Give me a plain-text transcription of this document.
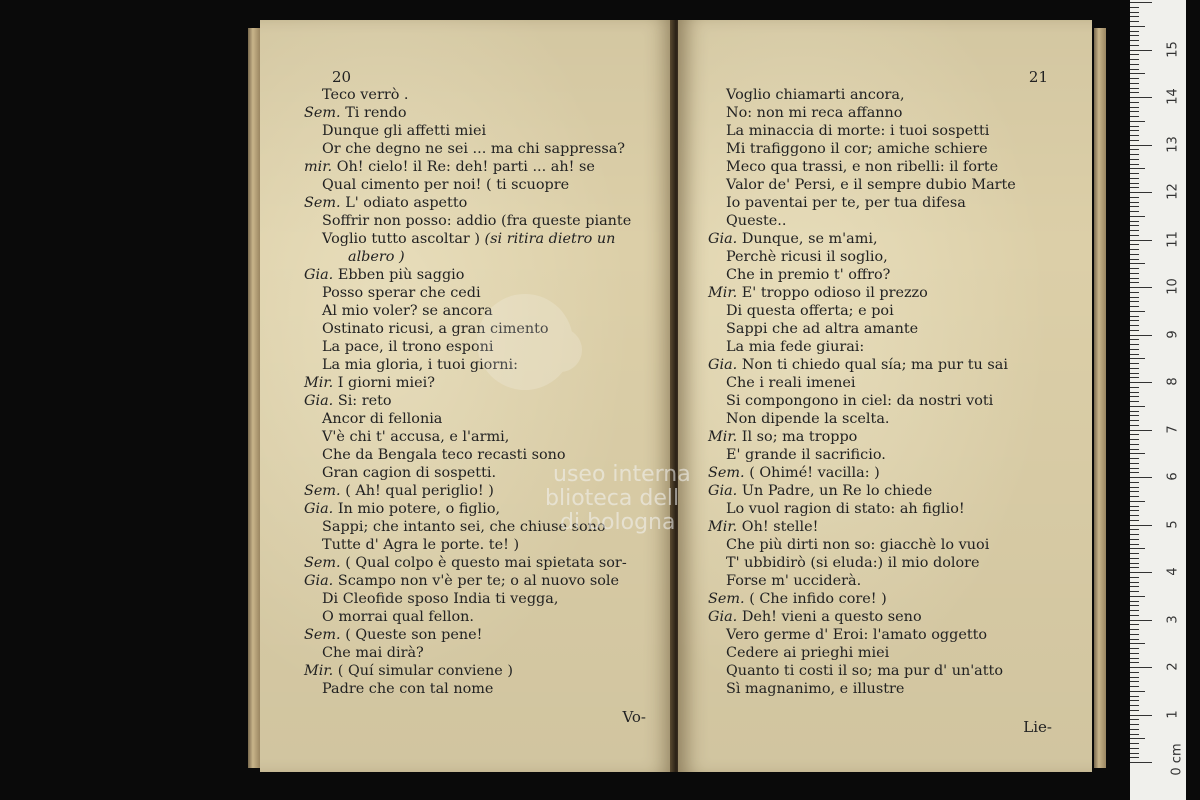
20
Teco verrò .
Sem. Ti rendo
Dunque gli affetti miei
Or che degno ne sei ... ma chi sappressa?
mir. Oh! cielo! il Re: deh! parti ... ah! se
Qual cimento per noi! ( ti scuopre
Sem. L' odiato aspetto
Soffrir non posso: addio (fra queste piante
Voglio tutto ascoltar ) (si ritira dietro un
albero )
Gia. Ebben più saggio
Posso sperar che cedi
Al mio voler? se ancora
Ostinato ricusi, a gran cimento
La pace, il trono esponi
La mia gloria, i tuoi giorni:
Mir. I giorni miei?
Gia. Si: reto
Ancor di fellonia
V'è chi t' accusa, e l'armi,
Che da Bengala teco recasti sono
Gran cagion di sospetti.
Sem. ( Ah! qual periglio! )
Gia. In mio potere, o figlio,
Sappi; che intanto sei, che chiuse sono
Tutte d' Agra le porte. te! )
Sem. ( Qual colpo è questo mai spietata sor-
Gia. Scampo non v'è per te; o al nuovo sole
Di Cleofide sposo India ti vegga,
O morrai qual fellon.
Sem. ( Queste son pene!
Che mai dirà?
Mir. ( Quí simular conviene )
Padre che con tal nome
Vo-
21
Voglio chiamarti ancora,
No: non mi reca affanno
La minaccia di morte: i tuoi sospetti
Mi trafiggono il cor; amiche schiere
Meco qua trassi, e non ribelli: il forte
Valor de' Persi, e il sempre dubio Marte
Io paventai per te, per tua difesa
Queste..
Gia. Dunque, se m'ami,
Perchè ricusi il soglio,
Che in premio t' offro?
Mir. E' troppo odioso il prezzo
Di questa offerta; e poi
Sappi che ad altra amante
La mia fede giurai:
Gia. Non ti chiedo qual sía; ma pur tu sai
Che i reali imenei
Si compongono in ciel: da nostri voti
Non dipende la scelta.
Mir. Il so; ma troppo
E' grande il sacrificio.
Sem. ( Ohimé! vacilla: )
Gia. Un Padre, un Re lo chiede
Lo vuol ragion di stato: ah figlio!
Mir. Oh! stelle!
Che più dirti non so: giacchè lo vuoi
T' ubbidirò (si eluda:) il mio dolore
Forse m' ucciderà.
Sem. ( Che infido core! )
Gia. Deh! vieni a questo seno
Vero germe d' Eroi: l'amato oggetto
Cedere ai prieghi miei
Quanto ti costi il so; ma pur d' un'atto
Sì magnanimo, e illustre
Lie-
useo interna
blioteca dell
di bologna
0 cm
1
2
3
4
5
6
7
8
9
10
11
12
13
14
15
